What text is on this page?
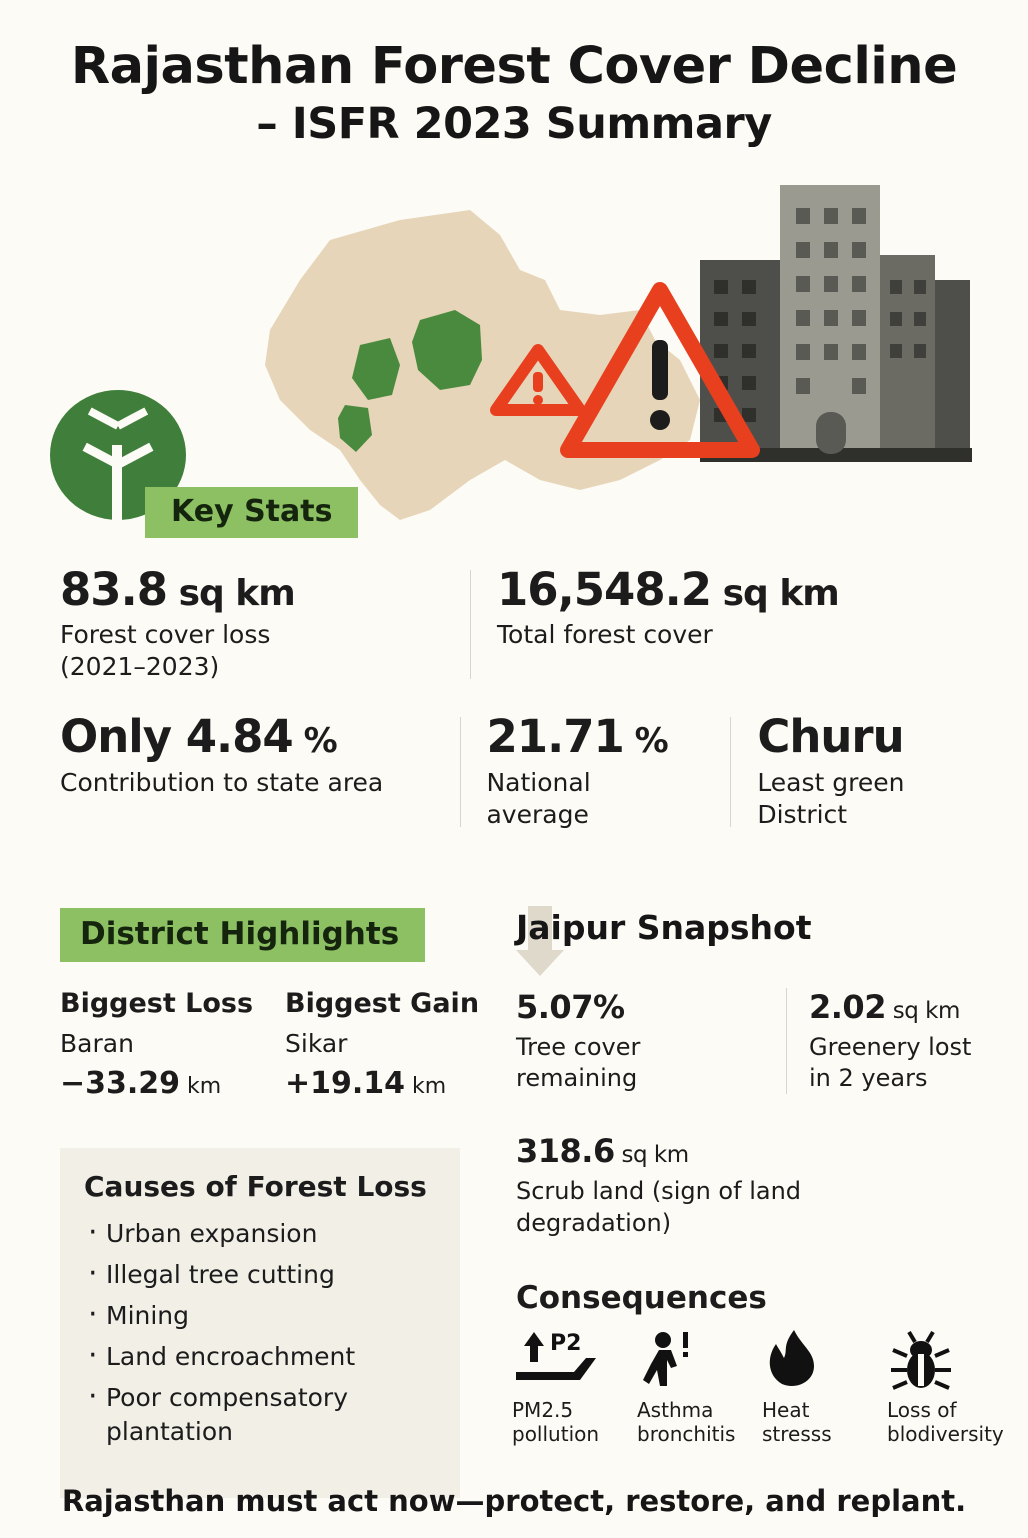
Rajasthan Forest Cover Decline
– ISFR 2023 Summary
Key Stats
83.8 sq km
Forest cover loss
(2021–2023)
16,548.2 sq km
Total forest cover
Only 4.84 %
Contribution to state area
21.71 %
National
average
Churu
Least green
District
District Highlights	Jaipur Snapshot
Biggest Loss
Baran
−33.29 km
Biggest Gain
Sikar
+19.14 km
Causes of Forest Loss
· Urban expansion
· Illegal tree cutting
· Mining
· Land encroachment
· Poor compensatory plantation
5.07%
Tree cover
remaining
2.02 sq km
Greenery lost
in 2 years
318.6 sq km
Scrub land (sign of land
degradation)
Consequences
P2
PM2.5
pollution
Asthma
bronchitis
Heat
stresss
Loss of
blodiversity
Rajasthan must act now—protect, restore, and replant.
